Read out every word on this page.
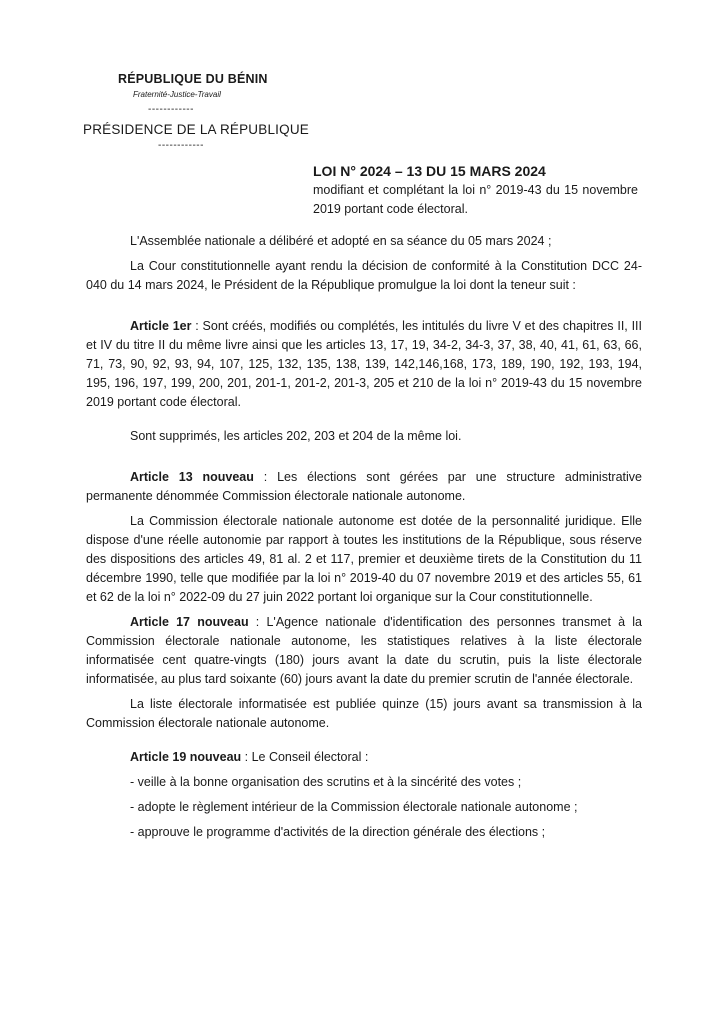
RÉPUBLIQUE DU BÉNIN
Fraternité-Justice-Travail
------------
PRÉSIDENCE DE LA RÉPUBLIQUE
------------
LOI N° 2024 – 13 DU 15 MARS 2024
modifiant et complétant la loi n° 2019-43 du 15 novembre 2019 portant code électoral.

L'Assemblée nationale a délibéré et adopté en sa séance du 05 mars 2024 ;

La Cour constitutionnelle ayant rendu la décision de conformité à la Constitution DCC 24-040 du 14 mars 2024, le Président de la République promulgue la loi dont la teneur suit :

Article 1er : Sont créés, modifiés ou complétés, les intitulés du livre V et des chapitres II, III et IV du titre II du même livre ainsi que les articles 13, 17, 19, 34-2, 34-3, 37, 38, 40, 41, 61, 63, 66, 71, 73, 90, 92, 93, 94, 107, 125, 132, 135, 138, 139, 142,146,168, 173, 189, 190, 192, 193, 194, 195, 196, 197, 199, 200, 201, 201-1, 201-2, 201-3, 205 et 210 de la loi n° 2019-43 du 15 novembre 2019 portant code électoral.

Sont supprimés, les articles 202, 203 et 204 de la même loi.

Article 13 nouveau : Les élections sont gérées par une structure administrative permanente dénommée Commission électorale nationale autonome.

La Commission électorale nationale autonome est dotée de la personnalité juridique. Elle dispose d'une réelle autonomie par rapport à toutes les institutions de la République, sous réserve des dispositions des articles 49, 81 al. 2 et 117, premier et deuxième tirets de la Constitution du 11 décembre 1990, telle que modifiée par la loi n° 2019-40 du 07 novembre 2019 et des articles 55, 61 et 62 de la loi n° 2022-09 du 27 juin 2022 portant loi organique sur la Cour constitutionnelle.

Article 17 nouveau : L'Agence nationale d'identification des personnes transmet à la Commission électorale nationale autonome, les statistiques relatives à la liste électorale informatisée cent quatre-vingts (180) jours avant la date du scrutin, puis la liste électorale informatisée, au plus tard soixante (60) jours avant la date du premier scrutin de l'année électorale.

La liste électorale informatisée est publiée quinze (15) jours avant sa transmission à la Commission électorale nationale autonome.

Article 19 nouveau : Le Conseil électoral :

- veille à la bonne organisation des scrutins et à la sincérité des votes ;

- adopte le règlement intérieur de la Commission électorale nationale autonome ;

- approuve le programme d'activités de la direction générale des élections ;
